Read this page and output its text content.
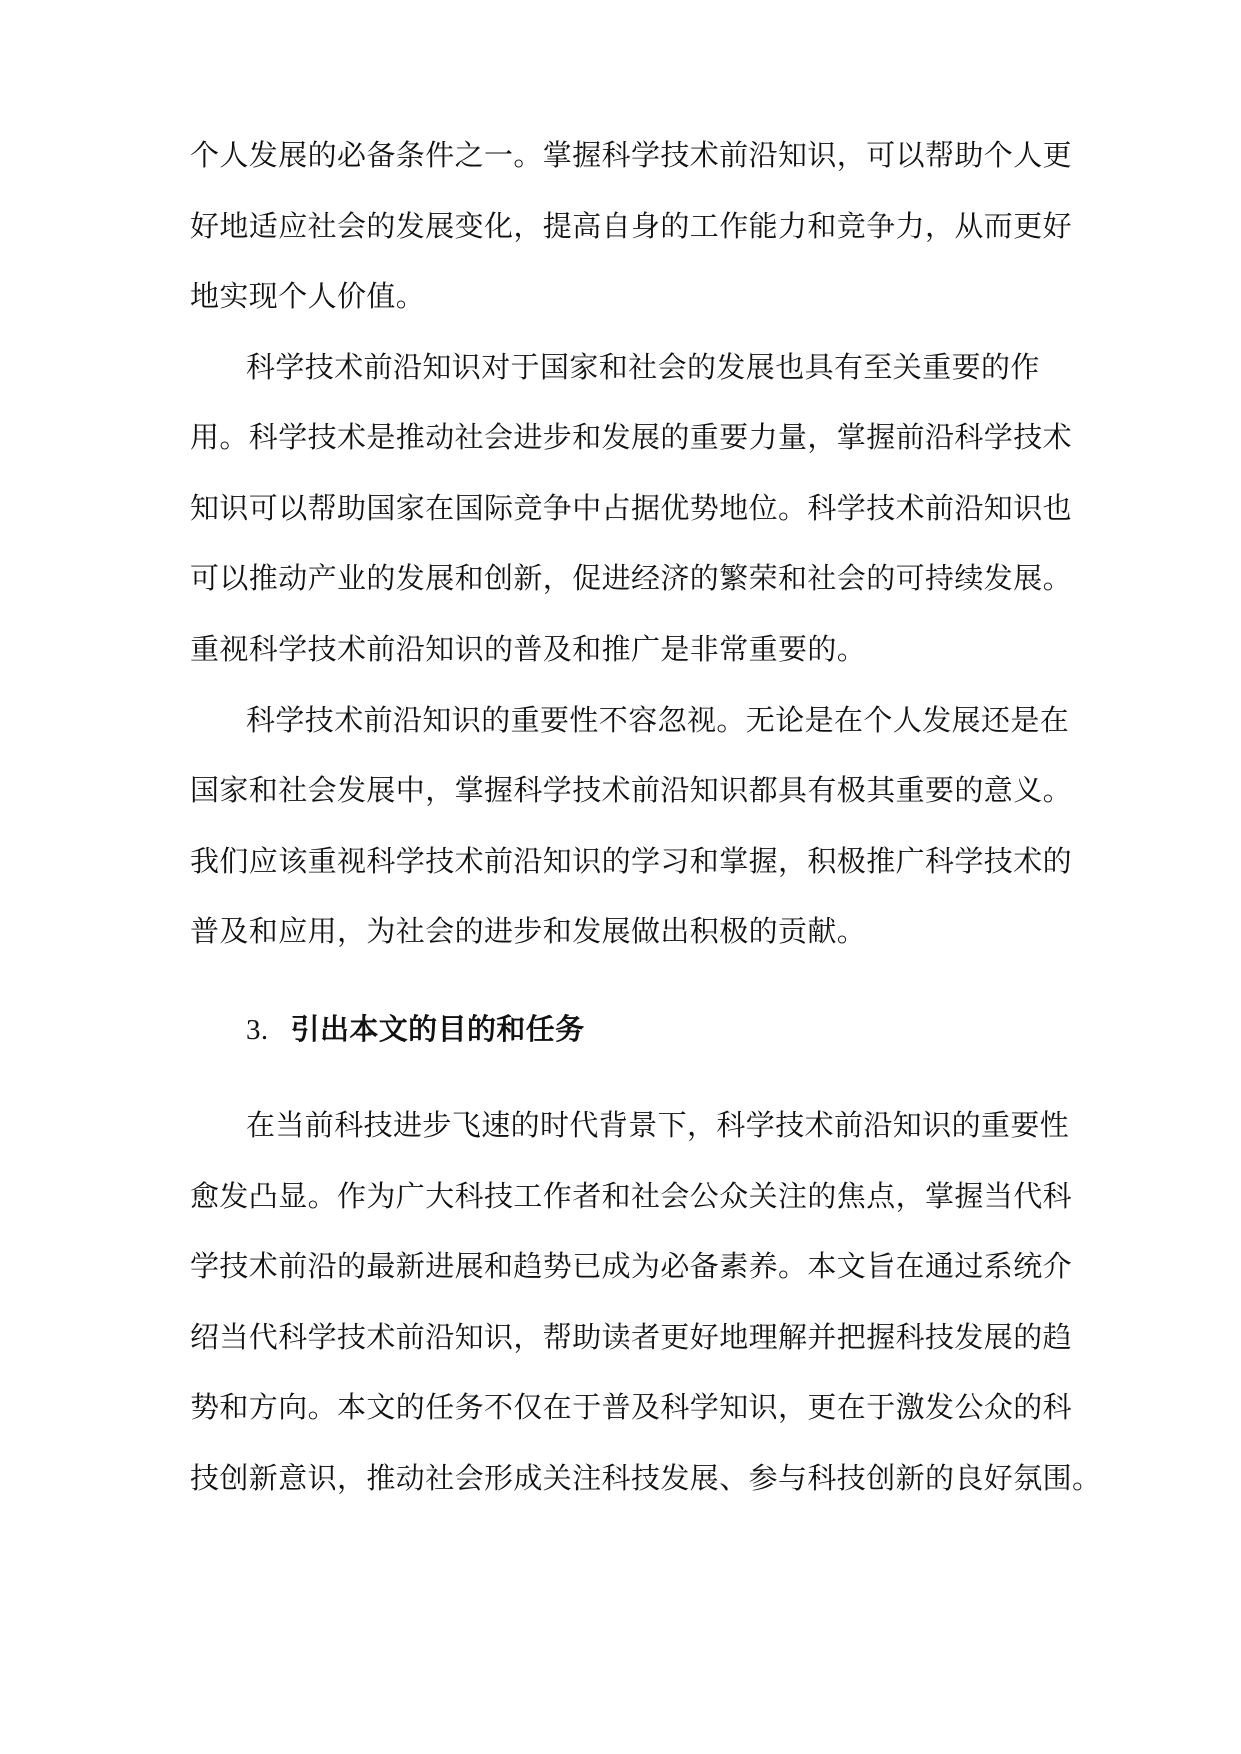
个人发展的必备条件之一。掌握科学技术前沿知识，可以帮助个人更
好地适应社会的发展变化，提高自身的工作能力和竞争力，从而更好
地实现个人价值。
科学技术前沿知识对于国家和社会的发展也具有至关重要的作
用。科学技术是推动社会进步和发展的重要力量，掌握前沿科学技术
知识可以帮助国家在国际竞争中占据优势地位。科学技术前沿知识也
可以推动产业的发展和创新，促进经济的繁荣和社会的可持续发展。
重视科学技术前沿知识的普及和推广是非常重要的。
科学技术前沿知识的重要性不容忽视。无论是在个人发展还是在
国家和社会发展中，掌握科学技术前沿知识都具有极其重要的意义。
我们应该重视科学技术前沿知识的学习和掌握，积极推广科学技术的
普及和应用，为社会的进步和发展做出积极的贡献。
3. 引出本文的目的和任务
在当前科技进步飞速的时代背景下，科学技术前沿知识的重要性
愈发凸显。作为广大科技工作者和社会公众关注的焦点，掌握当代科
学技术前沿的最新进展和趋势已成为必备素养。本文旨在通过系统介
绍当代科学技术前沿知识，帮助读者更好地理解并把握科技发展的趋
势和方向。本文的任务不仅在于普及科学知识，更在于激发公众的科
技创新意识，推动社会形成关注科技发展、参与科技创新的良好氛围。
